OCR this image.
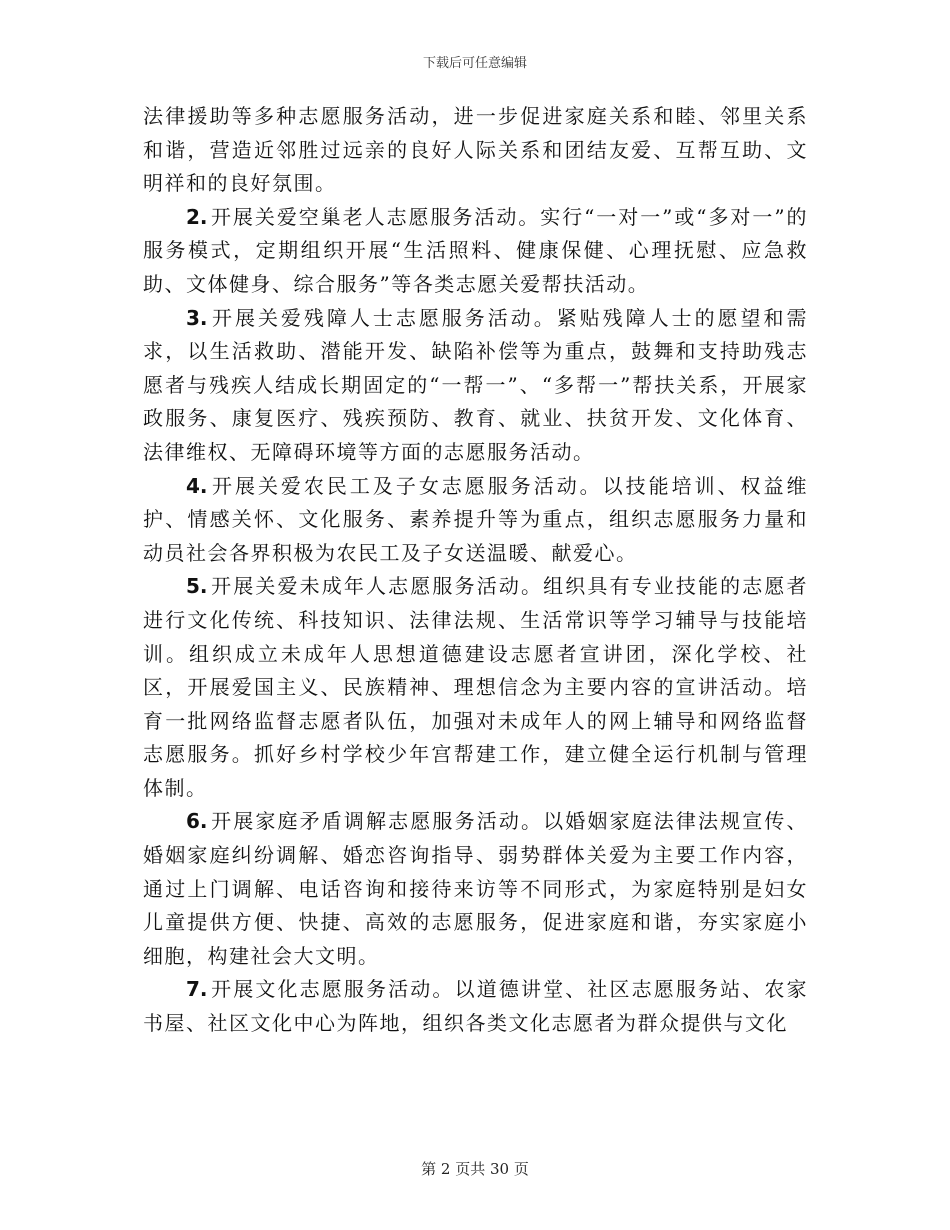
下载后可任意编辑

法律援助等多种志愿服务活动，进一步促进家庭关系和睦、邻里关系和谐，营造近邻胜过远亲的良好人际关系和团结友爱、互帮互助、文明祥和的良好氛围。

2. 开展关爱空巢老人志愿服务活动。实行“一对一”或“多对一”的服务模式，定期组织开展“生活照料、健康保健、心理抚慰、应急救助、文体健身、综合服务”等各类志愿关爱帮扶活动。

3. 开展关爱残障人士志愿服务活动。紧贴残障人士的愿望和需求，以生活救助、潜能开发、缺陷补偿等为重点，鼓舞和支持助残志愿者与残疾人结成长期固定的“一帮一”、“多帮一”帮扶关系，开展家政服务、康复医疗、残疾预防、教育、就业、扶贫开发、文化体育、法律维权、无障碍环境等方面的志愿服务活动。

4. 开展关爱农民工及子女志愿服务活动。以技能培训、权益维护、情感关怀、文化服务、素养提升等为重点，组织志愿服务力量和动员社会各界积极为农民工及子女送温暖、献爱心。

5. 开展关爱未成年人志愿服务活动。组织具有专业技能的志愿者进行文化传统、科技知识、法律法规、生活常识等学习辅导与技能培训。组织成立未成年人思想道德建设志愿者宣讲团，深化学校、社区，开展爱国主义、民族精神、理想信念为主要内容的宣讲活动。培育一批网络监督志愿者队伍，加强对未成年人的网上辅导和网络监督志愿服务。抓好乡村学校少年宫帮建工作，建立健全运行机制与管理体制。

6. 开展家庭矛盾调解志愿服务活动。以婚姻家庭法律法规宣传、婚姻家庭纠纷调解、婚恋咨询指导、弱势群体关爱为主要工作内容，通过上门调解、电话咨询和接待来访等不同形式，为家庭特别是妇女儿童提供方便、快捷、高效的志愿服务，促进家庭和谐，夯实家庭小细胞，构建社会大文明。

7. 开展文化志愿服务活动。以道德讲堂、社区志愿服务站、农家书屋、社区文化中心为阵地，组织各类文化志愿者为群众提供与文化

第 2 页共 30 页
